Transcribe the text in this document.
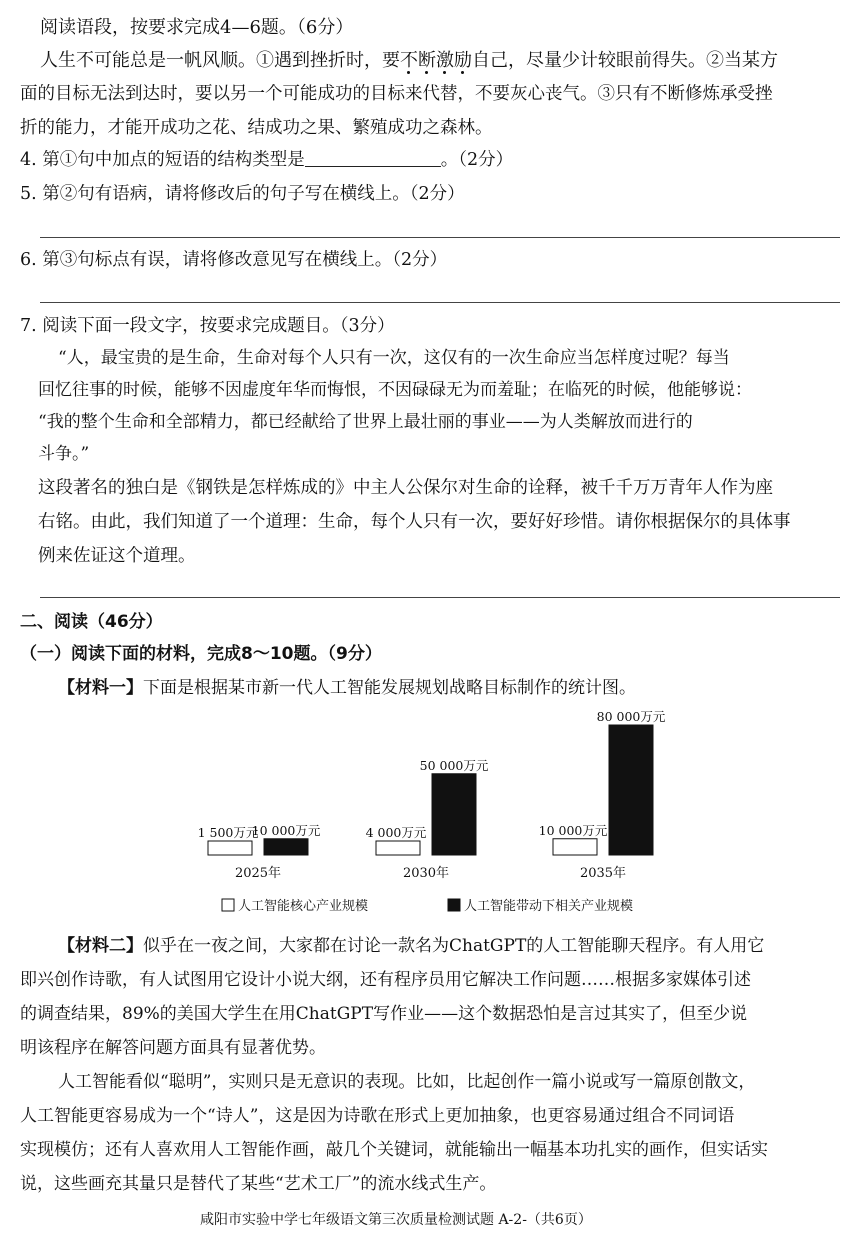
阅读语段，按要求完成4—6题。（6分）
人生不可能总是一帆风顺。①遇到挫折时，要不断激励
自己，尽量少计较眼前得失。②当某方
面的目标无法到达时，要以另一个可能成功的目标来代替，不要灰心丧气。③只有不断修炼承受挫
折的能力，才能开成功之花、结成功之果、繁殖成功之森林。
4. 第①句中加点的短语的结构类型是	。（2分）
5. 第②句有语病，请将修改后的句子写在横线上。（2分）
6. 第③句标点有误，请将修改意见写在横线上。（2分）
7. 阅读下面一段文字，按要求完成题目。（3分）
“人，最宝贵的是生命，生命对每个人只有一次，这仅有的一次生命应当怎样度过呢？每当
回忆往事的时候，能够不因虚度年华而悔恨，不因碌碌无为而羞耻；在临死的时候，他能够说：
“我的整个生命和全部精力，都已经献给了世界上最壮丽的事业——为人类解放而进行的
斗争。”
这段著名的独白是《钢铁是怎样炼成的》中主人公保尔对生命的诠释，被千千万万青年人作为座
右铭。由此，我们知道了一个道理：生命，每个人只有一次，要好好珍惜。请你根据保尔的具体事
例来佐证这个道理。
二、阅读（46分）
（一）阅读下面的材料，完成8～10题。（9分）
【材料一】下面是根据某市新一代人工智能发展规划战略目标制作的统计图。
1 500万元
10 000万元
2025年
4 000万元
50 000万元
2030年
10 000万元
80 000万元
2035年
人工智能核心产业规模	人工智能带动下相关产业规模
【材料二】似乎在一夜之间，大家都在讨论一款名为ChatGPT的人工智能聊天程序。有人用它
即兴创作诗歌，有人试图用它设计小说大纲，还有程序员用它解决工作问题……根据多家媒体引述
的调查结果，89%的美国大学生在用ChatGPT写作业——这个数据恐怕是言过其实了，但至少说
明该程序在解答问题方面具有显著优势。
人工智能看似“聪明”，实则只是无意识的表现。比如，比起创作一篇小说或写一篇原创散文，
人工智能更容易成为一个“诗人”，这是因为诗歌在形式上更加抽象，也更容易通过组合不同词语
实现模仿；还有人喜欢用人工智能作画，敲几个关键词，就能输出一幅基本功扎实的画作，但实话实
说，这些画充其量只是替代了某些“艺术工厂”的流水线式生产。
咸阳市实验中学七年级语文第三次质量检测试题 A-2-（共6页）
